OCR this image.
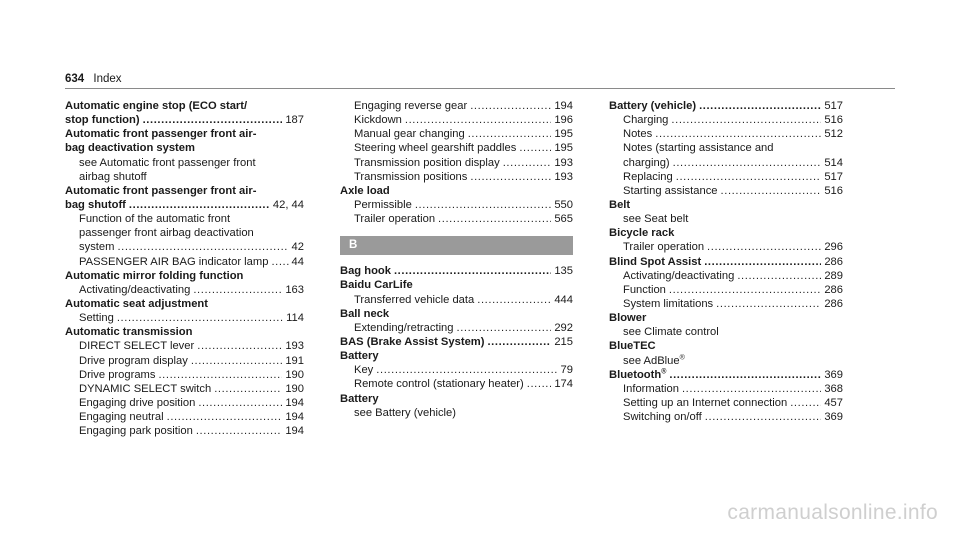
634 Index
Automatic engine stop (ECO start/
stop function) .....	187
Automatic front passenger front air-
bag deactivation system
see Automatic front passenger front
airbag shutoff
Automatic front passenger front air-
bag shutoff .....	42, 44
Function of the automatic front
passenger front airbag deactivation
system .....	42
PASSENGER AIR BAG indicator lamp ..... 44
Automatic mirror folding function
Activating/deactivating .....	163
Automatic seat adjustment
Setting .....	114
Automatic transmission
DIRECT SELECT lever .....	193
Drive program display .....	191
Drive programs .....	190
DYNAMIC SELECT switch .....	190
Engaging drive position .....	194
Engaging neutral .....	194
Engaging park position .....	194
Engaging reverse gear .....	194
Kickdown .....	196
Manual gear changing .....	195
Steering wheel gearshift paddles .....	195
Transmission position display .....	193
Transmission positions .....	193
Axle load
Permissible .....	550
Trailer operation .....	565
B
Bag hook .....	135
Baidu CarLife
Transferred vehicle data .....	444
Ball neck
Extending/retracting .....	292
BAS (Brake Assist System) .....	215
Battery
Key .....	79
Remote control (stationary heater) .....	174
Battery
see Battery (vehicle)
Battery (vehicle) .....	517
Charging .....	516
Notes .....	512
Notes (starting assistance and
charging) .....	514
Replacing .....	517
Starting assistance .....	516
Belt
see Seat belt
Bicycle rack
Trailer operation .....	296
Blind Spot Assist .....	286
Activating/deactivating .....	289
Function .....	286
System limitations .....	286
Blower
see Climate control
BlueTEC
see AdBlue®
Bluetooth® .....	369
Information .....	368
Setting up an Internet connection .....	457
Switching on/off .....	369
carmanualsonline.info
